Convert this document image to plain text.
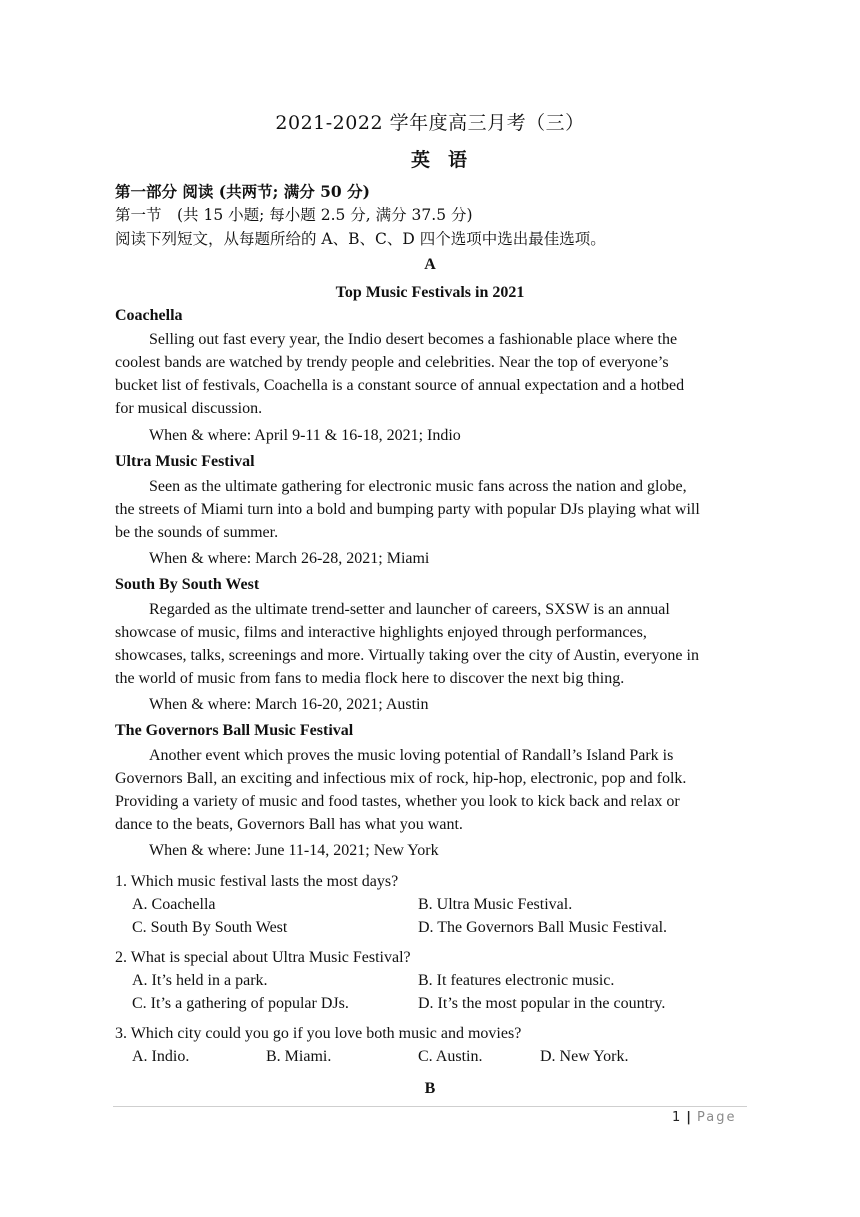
2021-2022 学年度高三月考（三）
英语
第一部分 阅读 (共两节; 满分 50 分)
第一节　(共 15 小题; 每小题 2.5 分, 满分 37.5 分)
阅读下列短文，从每题所给的 A、B、C、D 四个选项中选出最佳选项。
A
Top Music Festivals in 2021
Coachella
Selling out fast every year, the Indio desert becomes a fashionable place where the
coolest bands are watched by trendy people and celebrities. Near the top of everyone’s
bucket list of festivals, Coachella is a constant source of annual expectation and a hotbed
for musical discussion.
When & where: April 9-11 & 16-18, 2021; Indio
Ultra Music Festival
Seen as the ultimate gathering for electronic music fans across the nation and globe,
the streets of Miami turn into a bold and bumping party with popular DJs playing what will
be the sounds of summer.
When & where: March 26-28, 2021; Miami
South By South West
Regarded as the ultimate trend-setter and launcher of careers, SXSW is an annual
showcase of music, films and interactive highlights enjoyed through performances,
showcases, talks, screenings and more. Virtually taking over the city of Austin, everyone in
the world of music from fans to media flock here to discover the next big thing.
When & where: March 16-20, 2021; Austin
The Governors Ball Music Festival
Another event which proves the music loving potential of Randall’s Island Park is
Governors Ball, an exciting and infectious mix of rock, hip-hop, electronic, pop and folk.
Providing a variety of music and food tastes, whether you look to kick back and relax or
dance to the beats, Governors Ball has what you want.
When & where: June 11-14, 2021; New York
1. Which music festival lasts the most days?
A. Coachella	B. Ultra Music Festival.
C. South By South West	D. The Governors Ball Music Festival.
2. What is special about Ultra Music Festival?
A. It’s held in a park.	B. It features electronic music.
C. It’s a gathering of popular DJs.	D. It’s the most popular in the country.
3. Which city could you go if you love both music and movies?
A. Indio.	B. Miami.	C. Austin.	D. New York.
B
1 | Page
